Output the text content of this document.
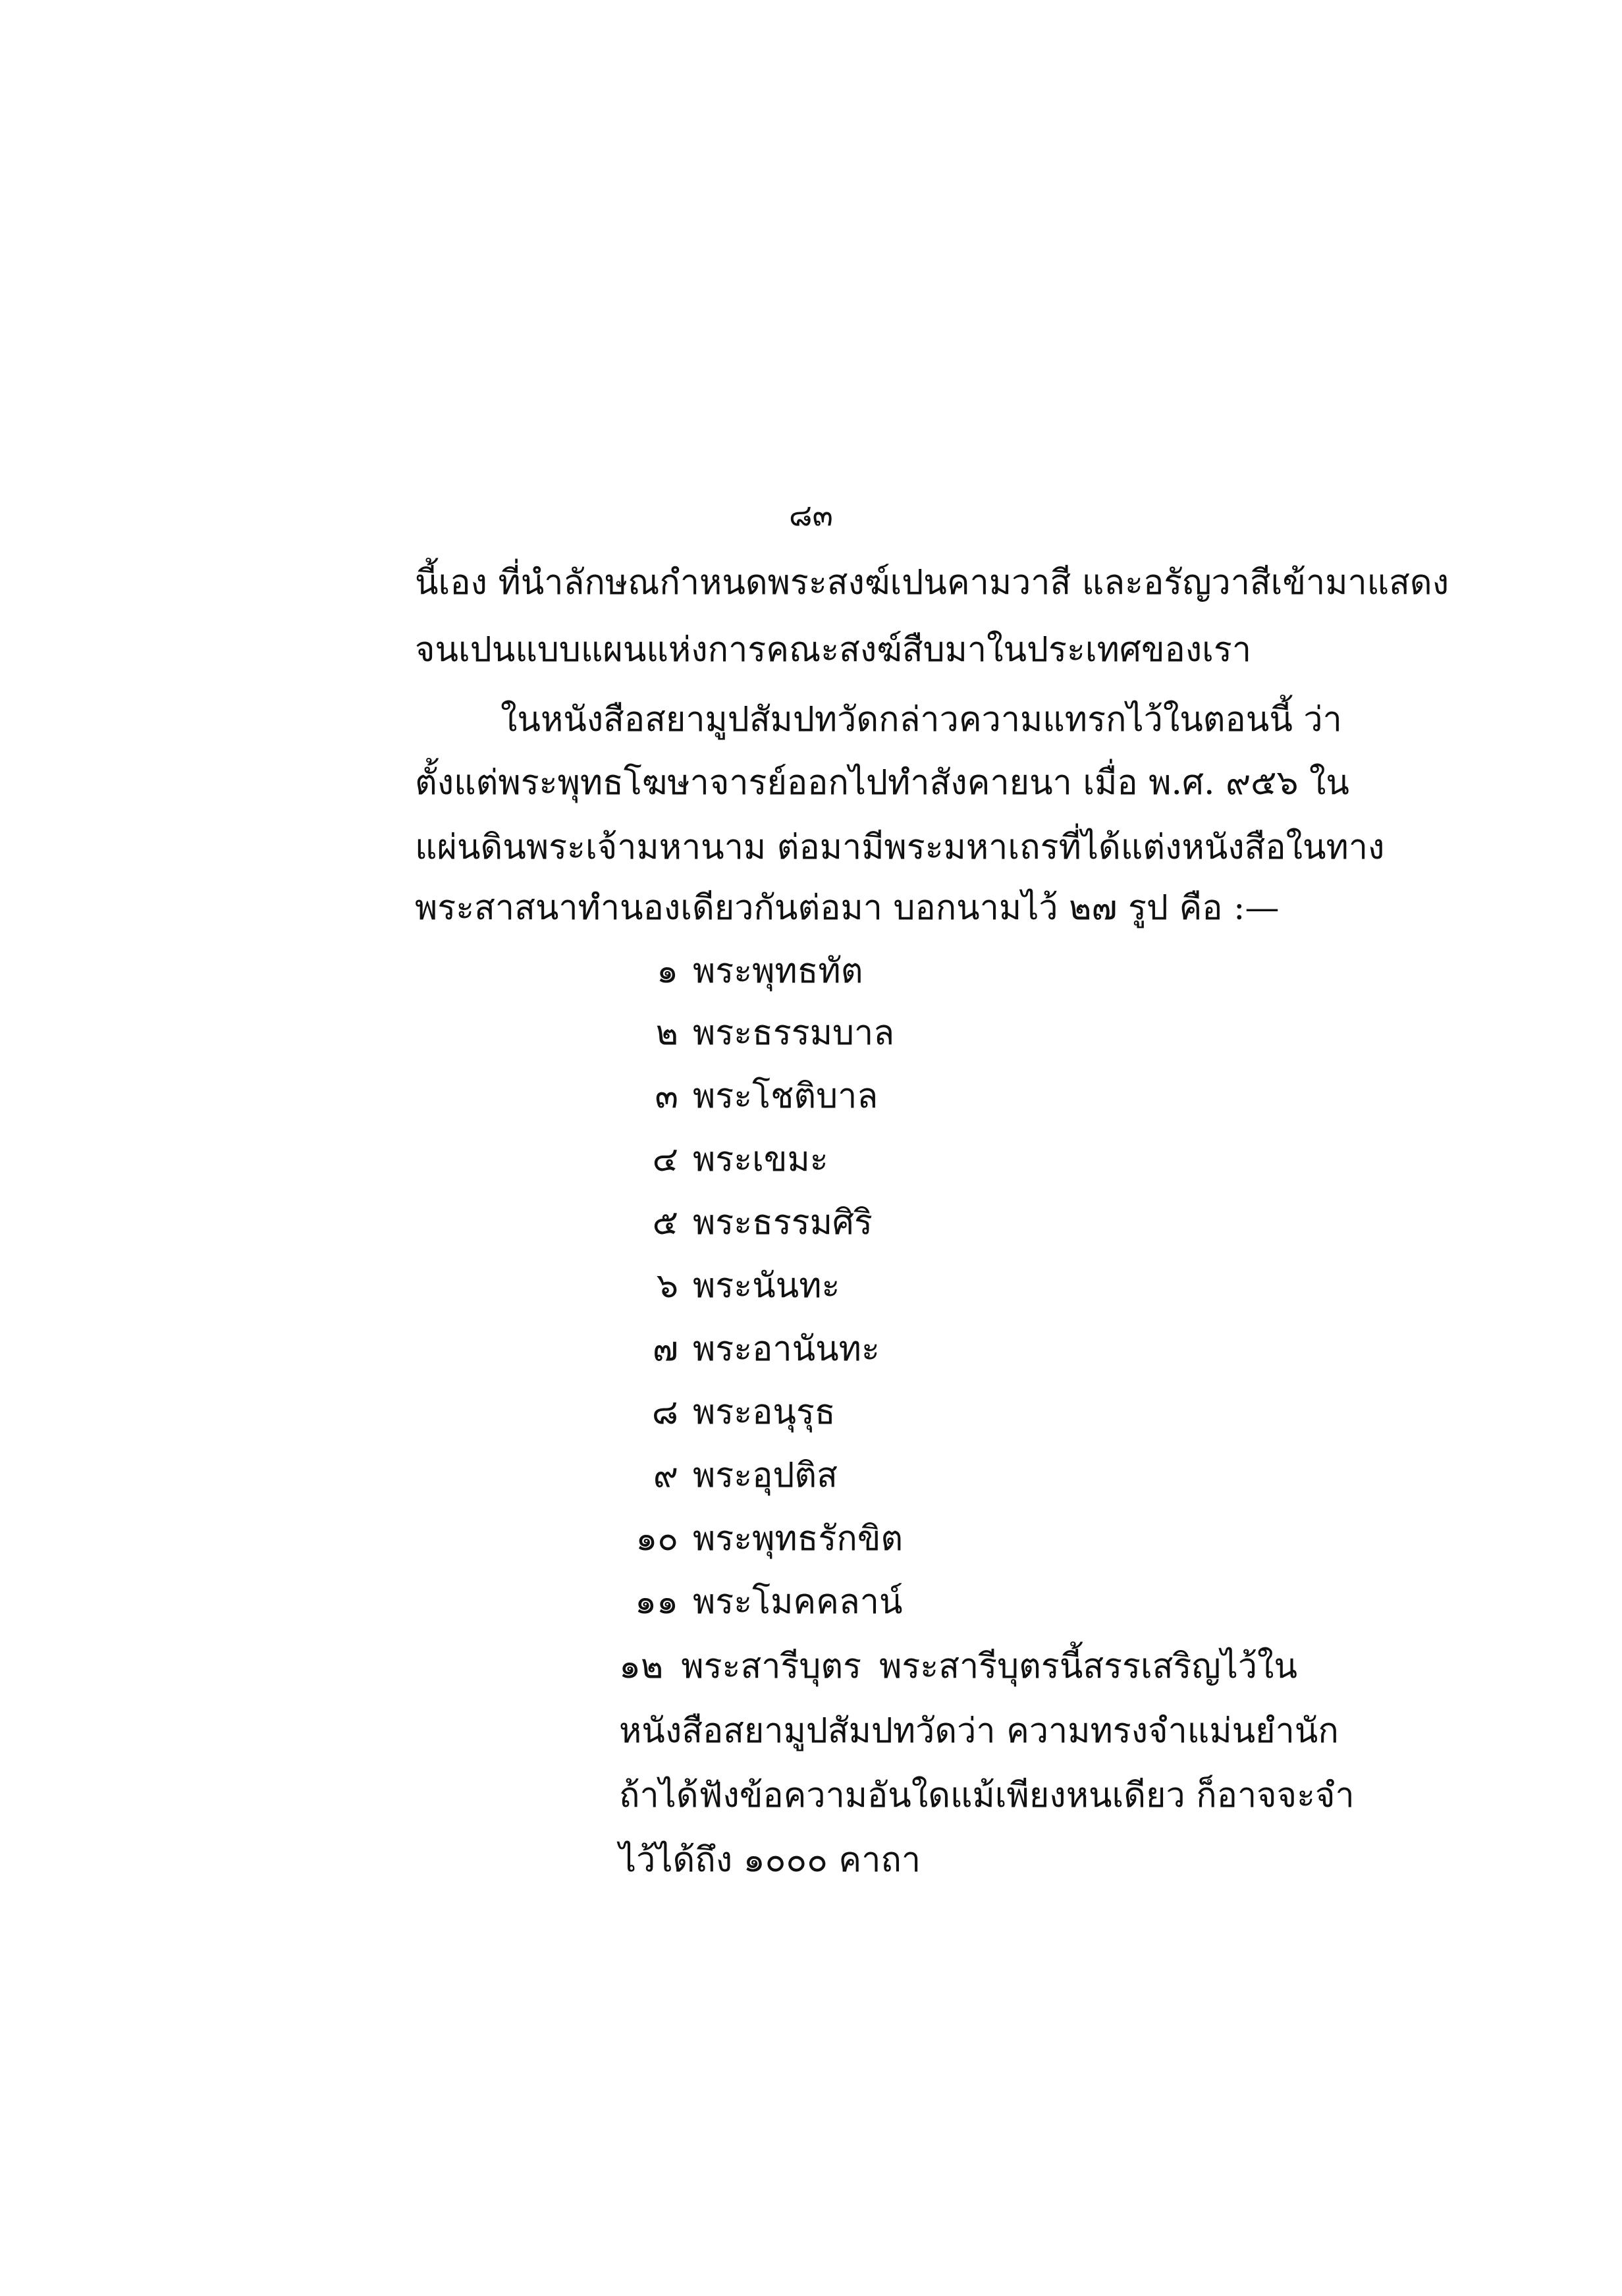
๘๓
นี้เอง ที่นำลักษณกำหนดพระสงฆ์เปนคามวาสี และอรัญวาสีเข้ามาแสดง
จนเปนแบบแผนแห่งการคณะสงฆ์สืบมาในประเทศของเรา
ในหนังสือสยามูปสัมปทวัดกล่าวความแทรกไว้ในตอนนี้ ว่า
ตั้งแต่พระพุทธโฆษาจารย์ออกไปทำสังคายนา เมื่อ พ.ศ. ๙๕๖ ใน
แผ่นดินพระเจ้ามหานาม ต่อมามีพระมหาเถรที่ได้แต่งหนังสือในทาง
พระสาสนาทำนองเดียวกันต่อมา บอกนามไว้ ๒๗ รูป คือ :—
๑ พระพุทธทัต
๒ พระธรรมบาล
๓ พระโชติบาล
๔ พระเขมะ
๕ พระธรรมศิริ
๖ พระนันทะ
๗ พระอานันทะ
๘ พระอนุรุธ
๙ พระอุปติส
๑๐ พระพุทธรักขิต
๑๑ พระโมคคลาน์
๑๒ พระสารีบุตร พระสารีบุตรนี้สรรเสริญไว้ใน
หนังสือสยามูปสัมปทวัดว่า ความทรงจำแม่นยำนัก
ถ้าได้ฟังข้อความอันใดแม้เพียงหนเดียว ก็อาจจะจำ
ไว้ได้ถึง ๑๐๐๐ คาถา
